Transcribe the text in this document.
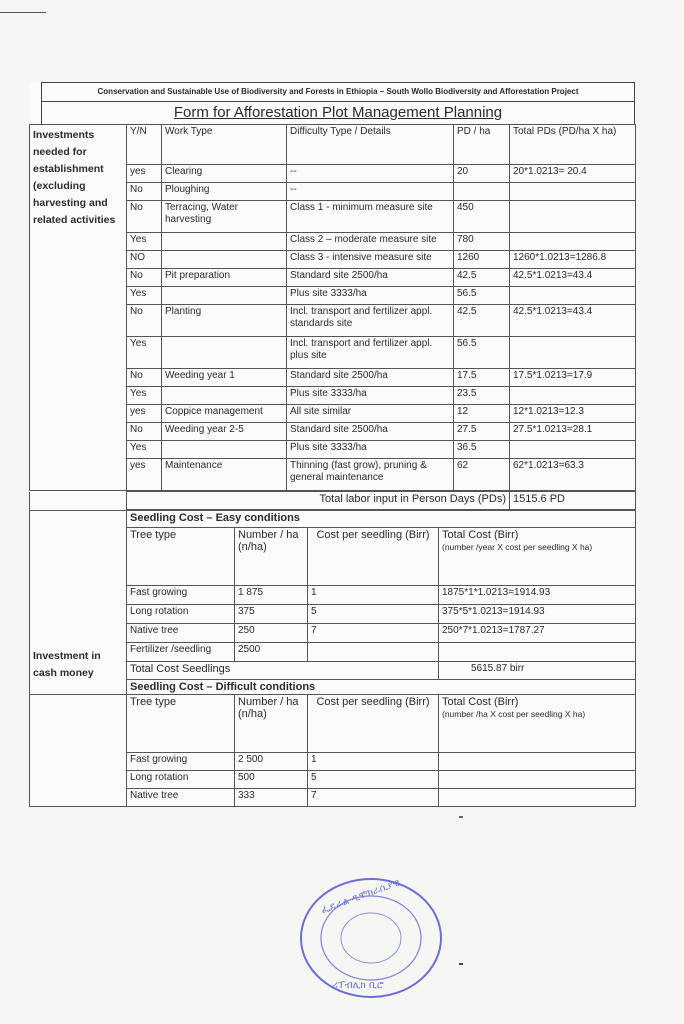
Conservation and Sustainable Use of Biodiversity and Forests in Ethiopia – South Wollo Biodiversity and Afforestation Project
Form for Afforestation Plot Management Planning
Investments needed for establishment (excluding harvesting and related activities	Y/N	Work Type	Difficulty Type / Details	PD / ha	Total PDs (PD/ha X ha)
	yes	Clearing	--	20	20*1.0213= 20.4
	No	Ploughing	--		
	No	Terracing, Water harvesting	Class 1 - minimum measure site	450	
	Yes		Class 2 – moderate measure site	780	
	NO		Class 3 - intensive measure site	1260	1260*1.0213=1286.8
	No	Pit preparation	Standard site 2500/ha	42.5	42.5*1.0213=43.4
	Yes		Plus site 3333/ha	56.5	
	No	Planting	Incl. transport and fertilizer appl. standards site	42.5	42.5*1.0213=43.4
	Yes		Incl. transport and fertilizer appl. plus site	56.5	
	No	Weeding year 1	Standard site 2500/ha	17.5	17.5*1.0213=17.9
	Yes		Plus site 3333/ha	23.5	
	yes	Coppice management	All site similar	12	12*1.0213=12.3
	No	Weeding year 2-5	Standard site 2500/ha	27.5	27.5*1.0213=28.1
	Yes		Plus site 3333/ha	36.5	
	yes	Maintenance	Thinning (fast grow), pruning & general maintenance	62	62*1.0213=63.3
	Total labor input in Person Days (PDs)	1515.6 PD
Investment in cash money	Seedling Cost – Easy conditions			
	Tree type	Number / ha (n/ha)	Cost per seedling (Birr)	Total Cost (Birr)
(number /year X cost per seedling X ha)

	Fast growing	1 875	1	1875*1*1.0213=1914.93
	Long rotation	375	5	375*5*1.0213=1914.93
	Native tree	250	7	250*7*1.0213=1787.27
	Fertilizer /seedling	2500		
	Total Cost Seedlings			5615.87 birr
	Seedling Cost – Difficult conditions			
	Tree type	Number / ha (n/ha)	Cost per seedling (Birr)	Total Cost (Birr)
(number /ha X cost per seedling X ha)

	Fast growing	2 500	1	
	Long rotation	500	5	
	Native tree	333	7	
ፌዴራል ዲሞክራሲያዊ
ሪፐብሊክ ቢሮ
